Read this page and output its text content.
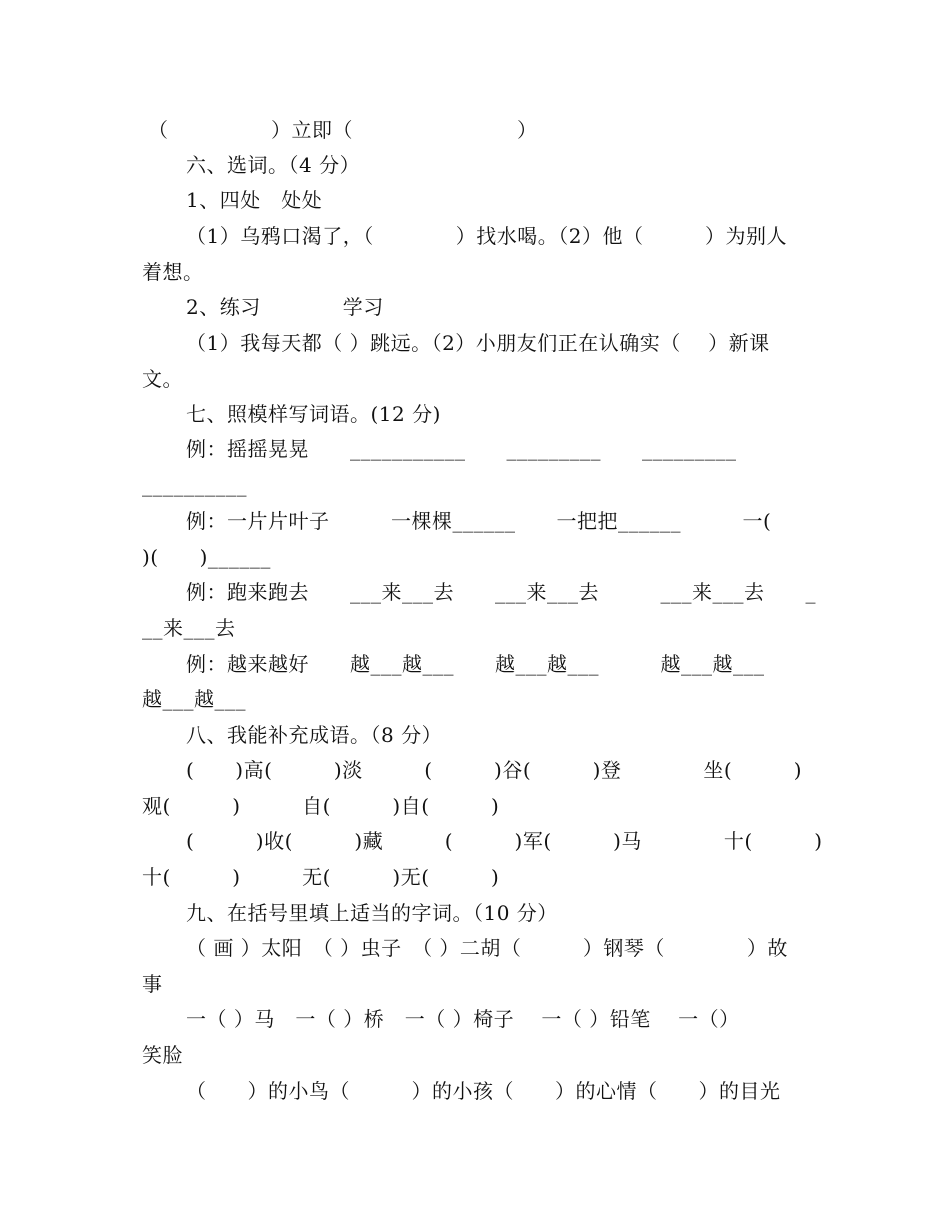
（　　　　　）立即（　　　　　　　　）
六、选词。（4 分）
1、四处　处处
（1）乌鸦口渴了，（　　　　）找水喝。（2）他（　　　）为别人
着想。
2、练习　　　　学习
（1）我每天都（ ）跳远。（2）小朋友们正在认确实（　 ）新课
文。
七、照模样写词语。(12 分)
例：摇摇晃晃　　___________　　_________　　_________
__________
例：一片片叶子　　　一棵棵______　　一把把______　　　一(
)(　　)______
例：跑来跑去　　___来___去　　___来___去　　　___来___去　　_
__来___去
例：越来越好　　越___越___　　越___越___　　　越___越___
越___越___
八、我能补充成语。（8 分）
(　　)高(　　　)淡　　　(　　　)谷(　　　)登　　　　坐(　　　)
观(　　　)　　　自(　　　)自(　　　)
(　　　)收(　　　)藏　　　(　　　)军(　　　)马　　　　十(　　　)
十(　　　)　　　无(　　　)无(　　　)
九、在括号里填上适当的字词。（10 分）
（ 画 ）太阳　（ ）虫子　（ ）二胡（　　　）钢琴（　　　　）故
事
一（ ）马　一（ ）桥　一（ ）椅子　 一（ ）铅笔　 一（）
笑脸
（　　）的小鸟（　　　）的小孩（　　）的心情（　　）的目光
